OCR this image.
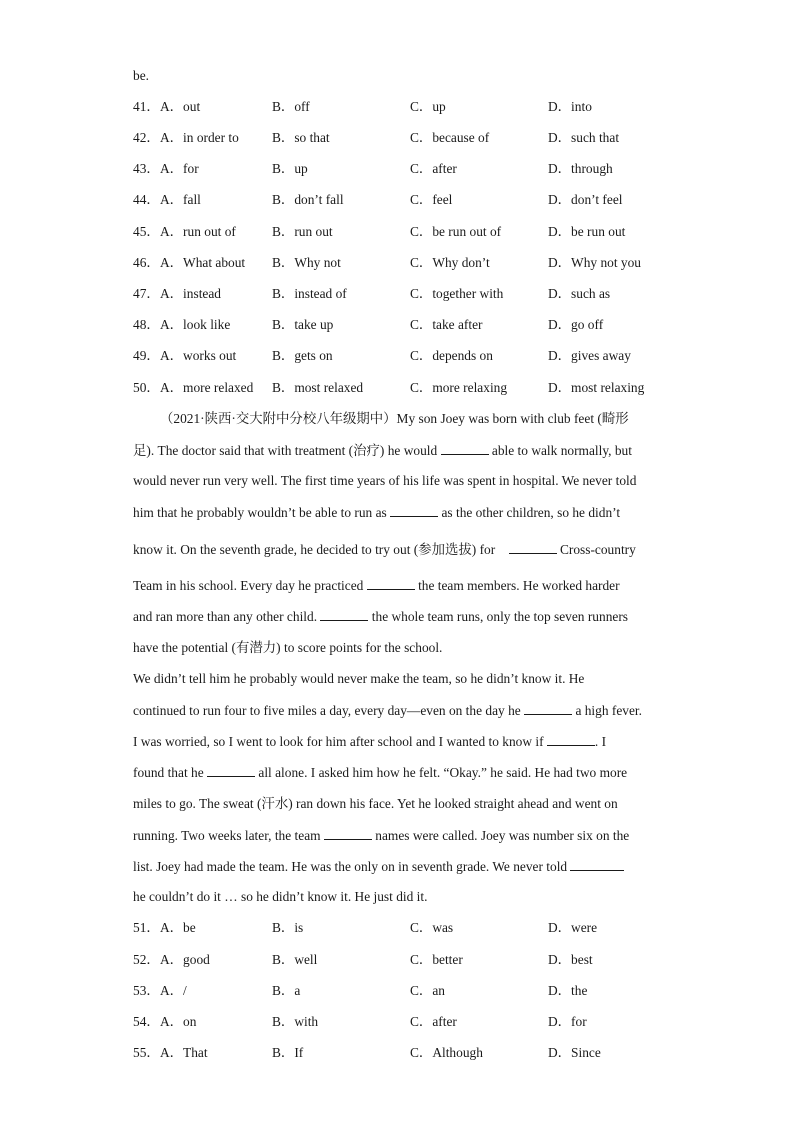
be.
41． A．out	B．off	C．up	D．into
42． A．in order to B．so that	C．because of	D．such that
43． A．for	B．up	C．after	D．through
44． A．fall	B．don’t fall	C．feel	D．don’t feel
45． A．run out of	B．run out	C．be run out of	D．be run out
46． A．What about B．Why not	C．Why don’t	D．Why not you
47． A．instead	B．instead of	C．together with	D．such as
48． A．look like	B．take up	C．take after	D．go off
49． A．works out	B．gets on	C．depends on	D．gives away
50． A．more relaxed B．most relaxed	C．more relaxing	D．most relaxing
（2021·陕西·交大附中分校八年级期中）My son Joey was born with club feet (畸形
足). The doctor said that with treatment (治疗) he would	able to walk normally, but
would never run very well. The first time years of his life was spent in hospital. We never told
him that he probably wouldn’t be able to run as	as the other children, so he didn’t
know it. On the seventh grade, he decided to try out (参加选拔) for	Cross-country
Team in his school. Every day he practiced	the team members. He worked harder
and ran more than any other child.	the whole team runs, only the top seven runners
have the potential (有潜力) to score points for the school.
We didn’t tell him he probably would never make the team, so he didn’t know it. He
continued to run four to five miles a day, every day—even on the day he	a high fever.
I was worried, so I went to look for him after school and I wanted to know if	. I
found that he	all alone. I asked him how he felt. “Okay.” he said. He had two more
miles to go. The sweat (汗水) ran down his face. Yet he looked straight ahead and went on
running. Two weeks later, the team	names were called. Joey was number six on the
list. Joey had made the team. He was the only on in seventh grade. We never told
he couldn’t do it … so he didn’t know it. He just did it.
51． A．be	B．is	C．was	D．were
52． A．good	B．well	C．better	D．best
53． A．/	B．a	C．an	D．the
54． A．on	B．with	C．after	D．for
55． A．That	B．If	C．Although	D．Since
